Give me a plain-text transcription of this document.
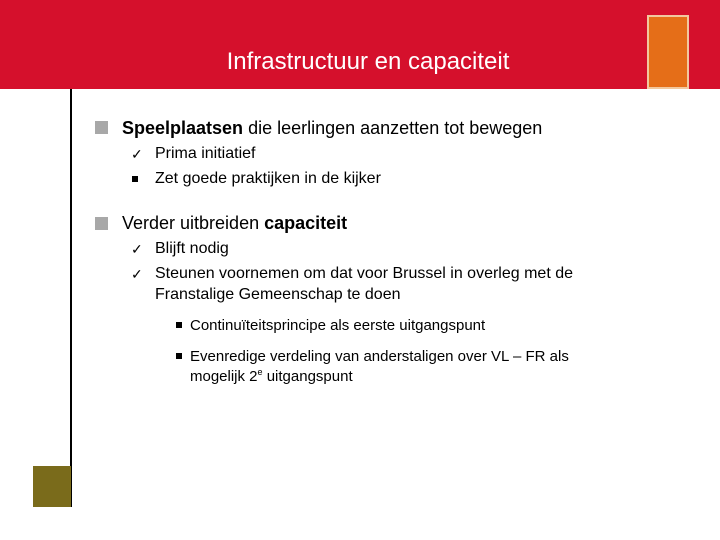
Infrastructuur en capaciteit
Speelplaatsen die leerlingen aanzetten tot bewegen
✓ Prima initiatief
Zet goede praktijken in de kijker
Verder uitbreiden capaciteit
✓ Blijft nodig
✓ Steunen voornemen om dat voor Brussel in overleg met de
Franstalige Gemeenschap te doen
Continuïteitsprincipe als eerste uitgangspunt
Evenredige verdeling van anderstaligen over VL – FR als
mogelijk 2e uitgangspunt
